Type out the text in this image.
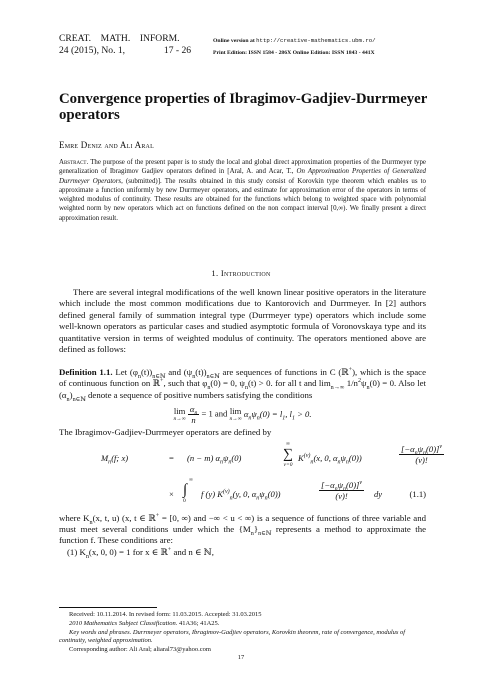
CREAT.    MATH.    INFORM.
24 (2015), No. 1,	17 - 26
Online version at http://creative-mathematics.ubm.ro/
Print Edition: ISSN 1584 - 286X Online Edition: ISSN 1843 - 441X
Convergence properties of Ibragimov-Gadjiev-Durrmeyer operators
Emre Deniz and Ali Aral
Abstract. The purpose of the present paper is to study the local and global direct approximation properties of the Durrmeyer type generalization of Ibragimov Gadjiev operators defined in [Aral, A. and Acar, T., On Approximation Properties of Generalized Durrmeyer Operators, (submitted)]. The results obtained in this study consist of Korovkin type theorem which enables us to approximate a function uniformly by new Durrmeyer operators, and estimate for approximation error of the operators in terms of weighted modulus of continuity. These results are obtained for the functions which belong to weighted space with polynomial weighted norm by new operators which act on functions defined on the non compact interval [0,∞). We finally present a direct approximation result.
1. Introduction
There are several integral modifications of the well known linear positive operators in the literature which include the most common modifications due to Kantorovich and Durrmeyer. In [2] authors defined general family of summation integral type (Durrmeyer type) operators which include some well-known operators as particular cases and studied asymptotic formula of Voronovskaya type and its quantitative version in terms of weighted modulus of continuity. The operators mentioned above are defined as follows:
Definition 1.1. Let $(\varphi_n(t))_{n\in ℕ}$ and $(\psi_n(t))_{n\in ℕ}$ are sequences of functions in C (ℝ+), which is the space of continuous function on ℝ+, such that $\varphi_n(0) = 0$, $\psi_n(t) > 0$. for all t and $\lim_{n\to\infty} 1/n^2\psi_n(0) = 0$. Also let $(\alpha_n)_{n\in ℕ}$ denote a sequence of positive numbers satisfying the conditions
lim
n→∞
$\frac{\alpha_n}{n} = 1$ and lim
n→∞
$\alpha_n\psi_n(0) = l_1$, $l_1 > 0$.
The Ibragimov-Gadjiev-Durrmeyer operators are defined by
$M_n(f$; x)	= (n − m) $\alpha_n\psi_n(0)$
∞
∑
ν=0
$K^{(\nu)}_n(x$, 0, $\alpha_n\psi_n(0)$)
$[-\alpha_n\psi_n(0)]^\nu$
(ν)!
×
∞
∫
0
f (y) $K^{(\nu)}_n(y$, 0, $\alpha_n\psi_n(0)$)
$[-\alpha_n\psi_n(0)]^\nu$
(ν)!	dy	(1.1)
where $K_n(x$, t, u) (x, t ∈ ℝ+ = [0, ∞) and −∞ < u < ∞) is a sequence of functions of three variable and must meet several conditions under which the $\{M_n\}_{n\in ℕ}$ represents a method to approximate the function f. These conditions are:
(1) $K_n(x$, 0, 0) = 1 for x ∈ ℝ+ and n ∈ ℕ,
Received: 10.11.2014. In revised form: 11.03.2015. Accepted: 31.03.2015
2010 Mathematics Subject Classification. 41A36; 41A25.
Key words and phrases. Durrmeyer operators, Ibragimov-Gadjiev operators, Korovkin theorem, rate of convergence, modulus of continuity, weighted approximation.
Corresponding author: Ali Aral; aliaral73@yahoo.com
17
